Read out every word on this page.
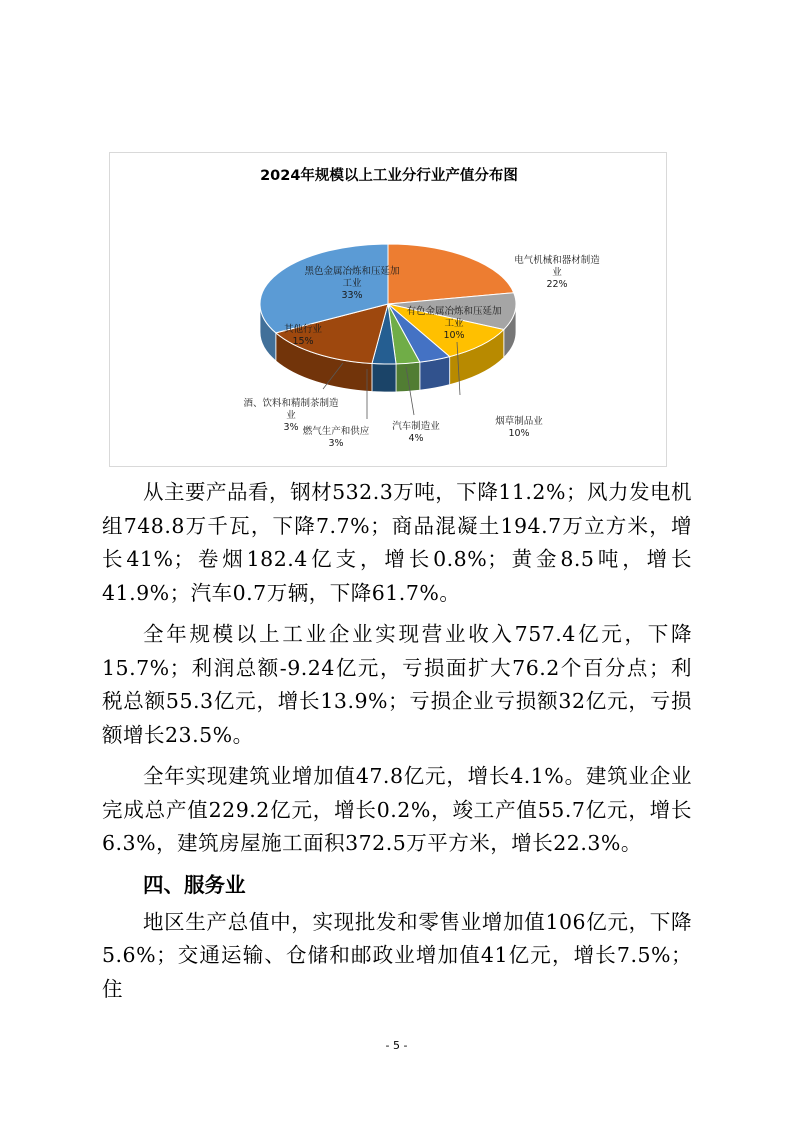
2024年规模以上工业分行业产值分布图
电气机械和器材制造业 22%
有色金属冶炼和压延加工业 10%
烟草制品业 10%
汽车制造业 4%
燃气生产和供应 3%
酒、饮料和精制茶制造业 3%
其他行业 15%
黑色金属冶炼和压延加工业 33%

从主要产品看，钢材532.3万吨，下降11.2%；风力发电机组748.8万千瓦，下降7.7%；商品混凝土194.7万立方米，增长41%；卷烟182.4亿支，增长0.8%；黄金8.5吨，增长41.9%；汽车0.7万辆，下降61.7%。

全年规模以上工业企业实现营业收入757.4亿元，下降15.7%；利润总额-9.24亿元，亏损面扩大76.2个百分点；利税总额55.3亿元，增长13.9%；亏损企业亏损额32亿元，亏损额增长23.5%。

全年实现建筑业增加值47.8亿元，增长4.1%。建筑业企业完成总产值229.2亿元，增长0.2%，竣工产值55.7亿元，增长6.3%，建筑房屋施工面积372.5万平方米，增长22.3%。

四、服务业

地区生产总值中，实现批发和零售业增加值106亿元，下降5.6%；交通运输、仓储和邮政业增加值41亿元，增长7.5%；住

- 5 -
